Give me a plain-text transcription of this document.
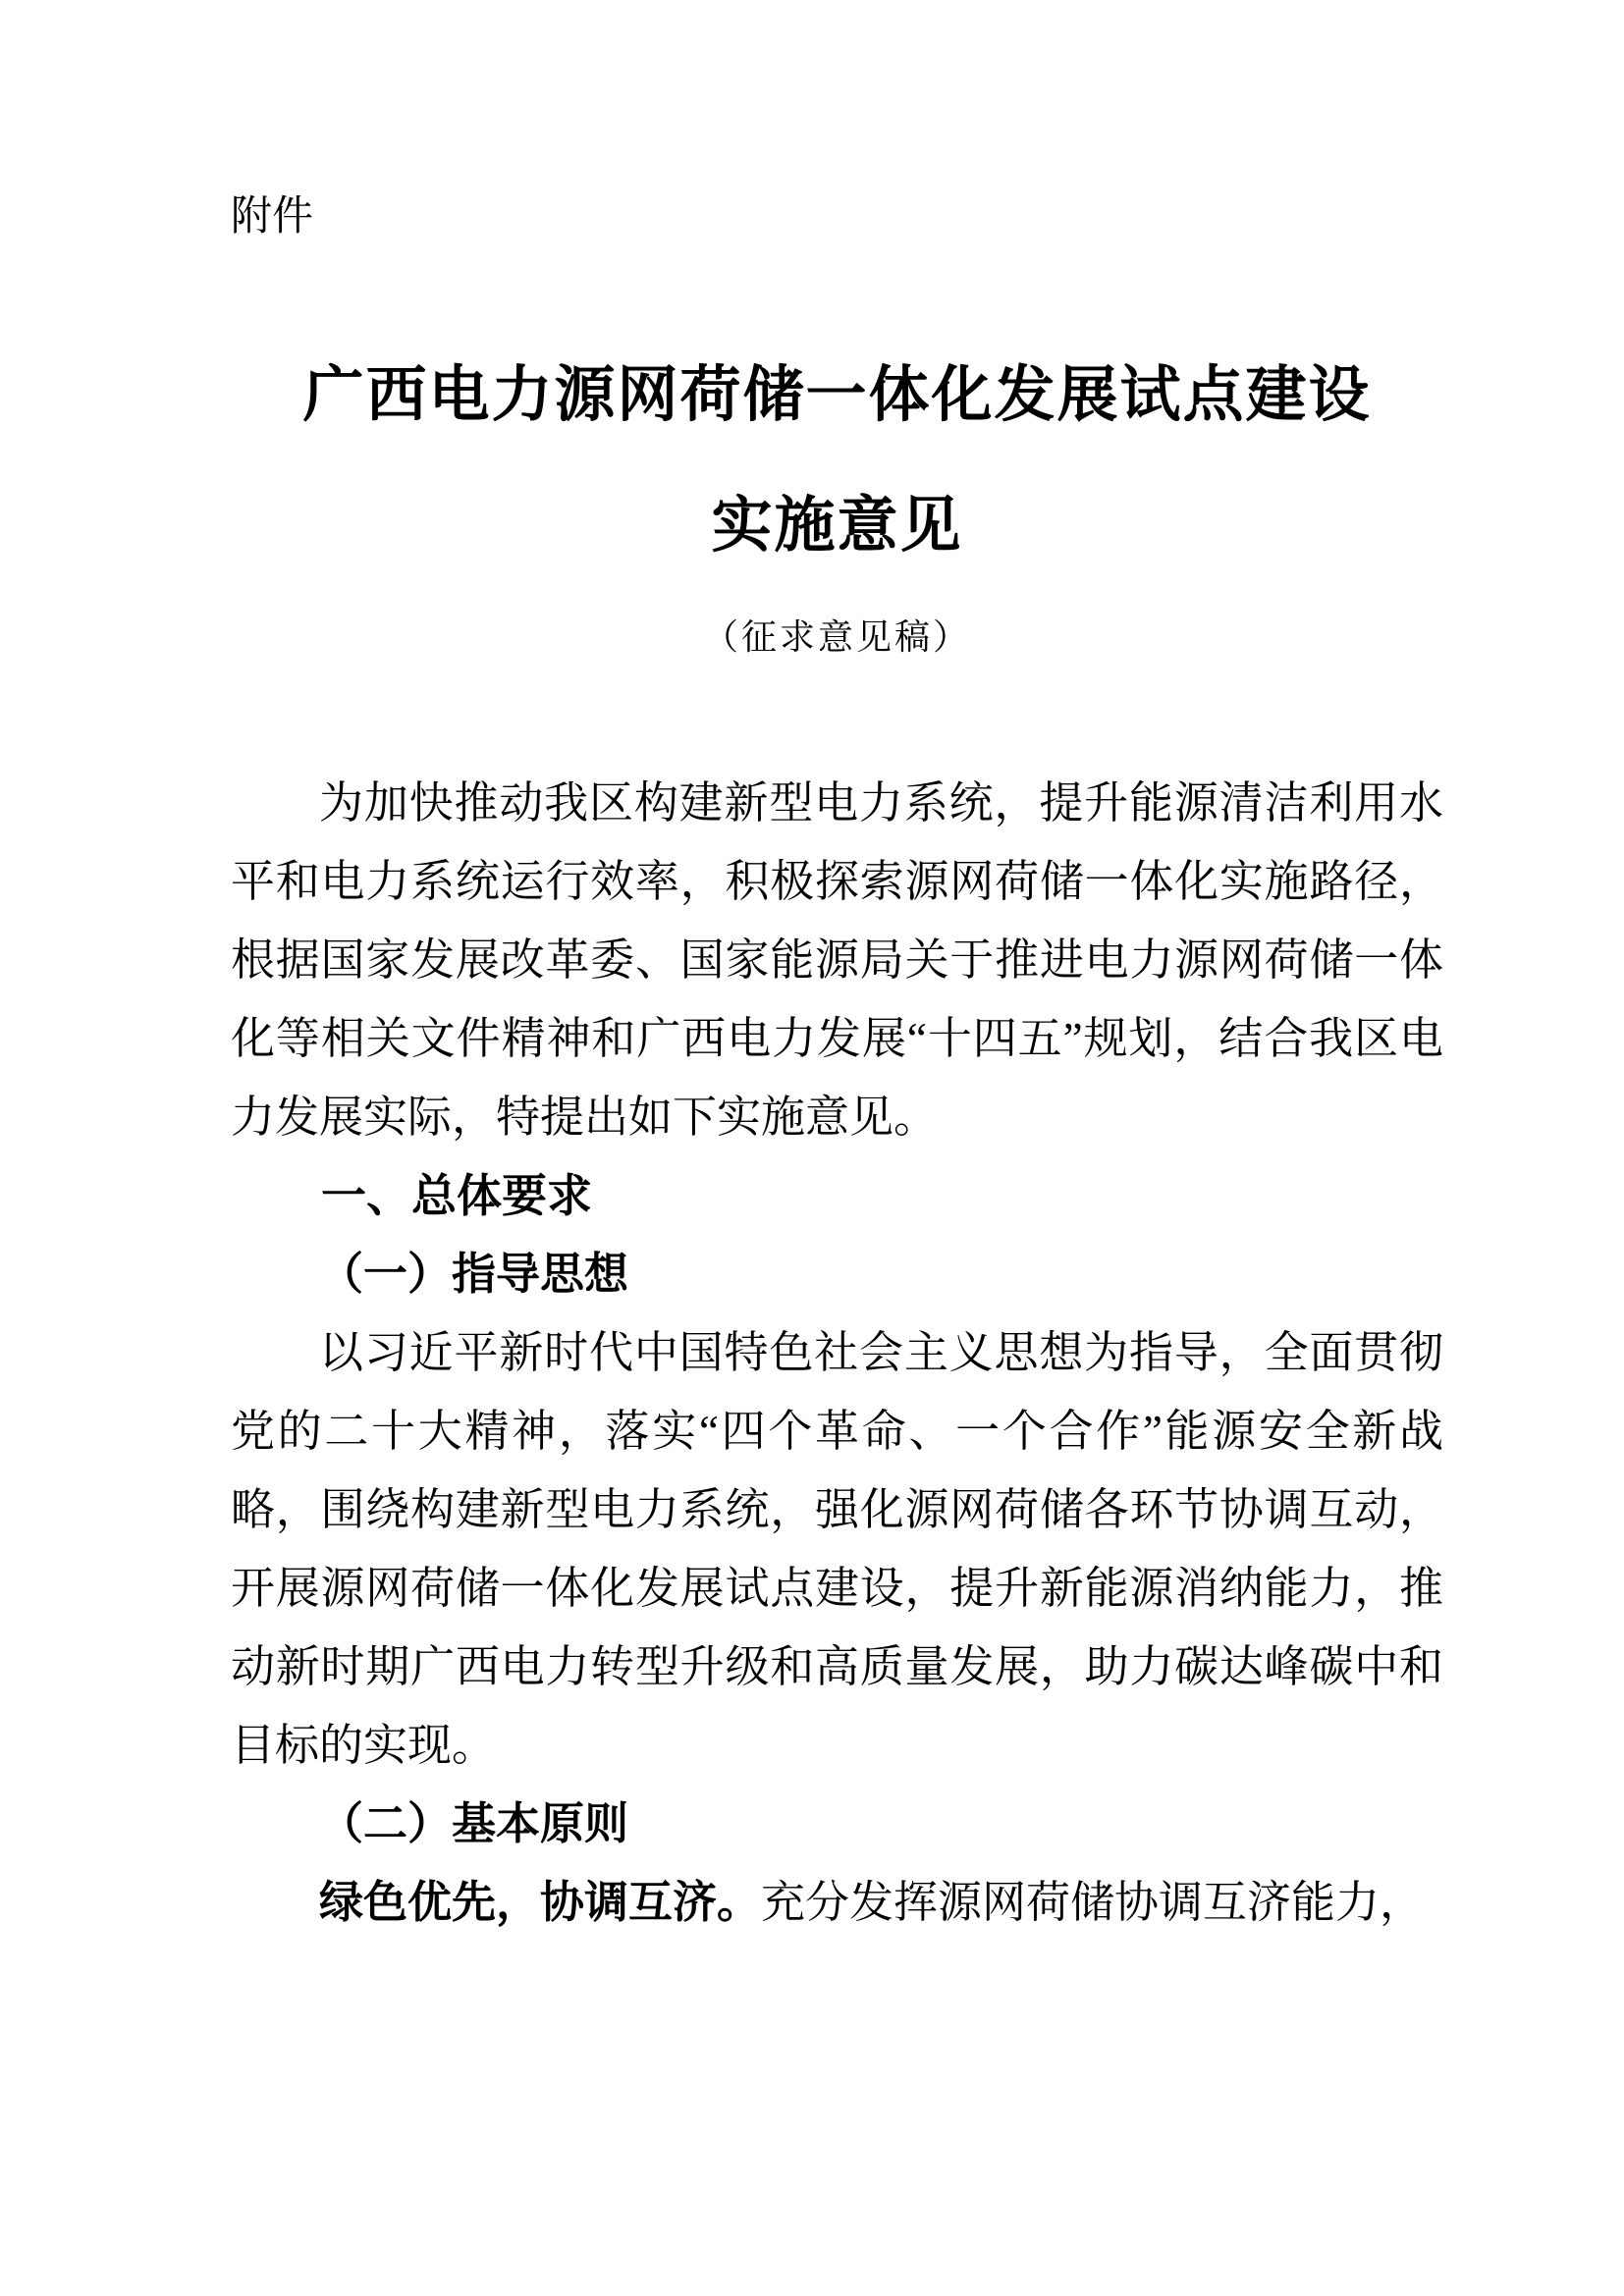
附件
广西电力源网荷储一体化发展试点建设
实施意见
（征求意见稿）

为加快推动我区构建新型电力系统，提升能源清洁利用水平和电力系统运行效率，积极探索源网荷储一体化实施路径，根据国家发展改革委、国家能源局关于推进电力源网荷储一体化等相关文件精神和广西电力发展“十四五”规划，结合我区电力发展实际，特提出如下实施意见。

一、总体要求

（一）指导思想

以习近平新时代中国特色社会主义思想为指导，全面贯彻党的二十大精神，落实“四个革命、一个合作”能源安全新战略，围绕构建新型电力系统，强化源网荷储各环节协调互动，开展源网荷储一体化发展试点建设，提升新能源消纳能力，推动新时期广西电力转型升级和高质量发展，助力碳达峰碳中和目标的实现。

（二）基本原则

绿色优先，协调互济。充分发挥源网荷储协调互济能力，
